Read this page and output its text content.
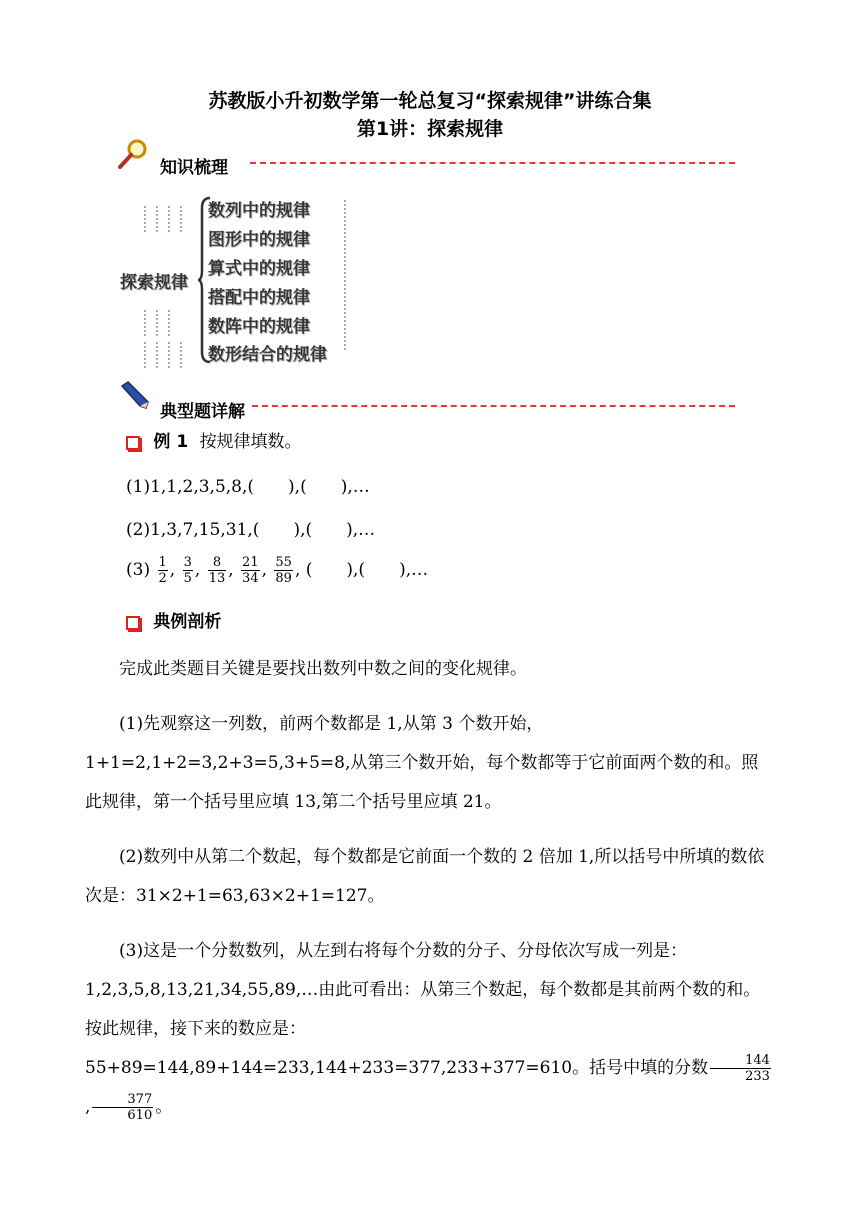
苏教版小升初数学第一轮总复习“探索规律”讲练合集
第1讲：探索规律
知识梳理
探索规律
数列中的规律
图形中的规律
算式中的规律
搭配中的规律
数阵中的规律
数形结合的规律
典型题详解
例 1 按规律填数。
(1)1,1,2,3,5,8,(　　),(　　),…
(2)1,3,7,15,31,(　　),(　　),…
$(3) \frac{1}{2}$ , $\frac{3}{5}$ , $\frac{8}{13}$ , $\frac{21}{34}$ , $\frac{55}{89}$ , (　　),(　　),…
典例剖析

完成此类题目关键是要找出数列中数之间的变化规律。

(1)先观察这一列数，前两个数都是 1,从第 3 个数开始，1+1=2,1+2=3,2+3=5,3+5=8,从第三个数开始，每个数都等于它前面两个数的和。照此规律，第一个括号里应填 13,第二个括号里应填 21。

(2)数列中从第二个数起，每个数都是它前面一个数的 2 倍加 1,所以括号中所填的数依次是：31×2+1=63,63×2+1=127。

(3)这是一个分数数列，从左到右将每个分数的分子、分母依次写成一列是：1,2,3,5,8,13,21,34,55,89,…由此可看出：从第三个数起，每个数都是其前两个数的和。按此规律，接下来的数应是：55+89=144,89+144=233,144+233=377,233+377=610。括号中填的分数 $\frac{144}{233}$
, $\frac{377}{610}$ 。
